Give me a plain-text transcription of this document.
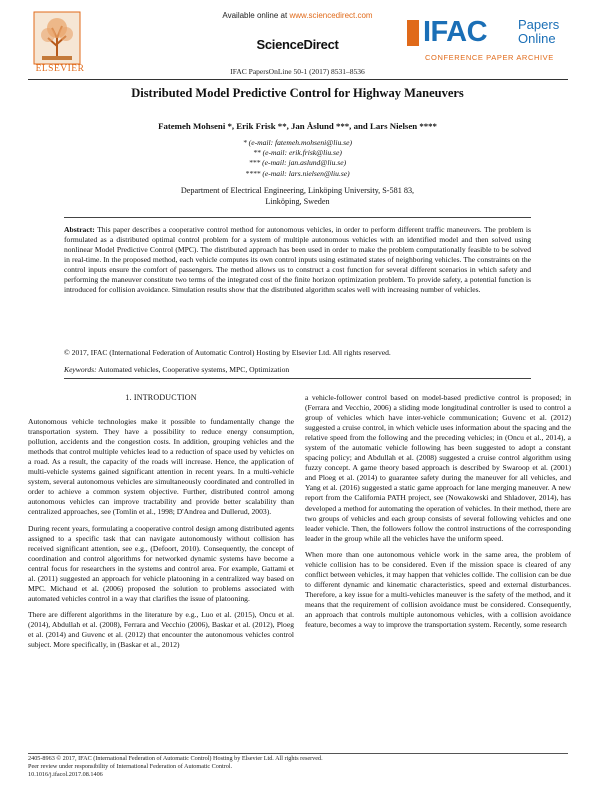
ELSEVIER
Available online at www.sciencedirect.com
ScienceDirect	IFAC Papers
Online
CONFERENCE PAPER ARCHIVE
IFAC PapersOnLine 50-1 (2017) 8531–8536
Distributed Model Predictive Control for Highway Maneuvers
Fatemeh Mohseni *, Erik Frisk **, Jan Åslund ***, and Lars Nielsen ****
* (e-mail: fatemeh.mohseni@liu.se)
** (e-mail: erik.frisk@liu.se)
*** (e-mail: jan.aslund@liu.se)
**** (e-mail: lars.nielsen@liu.se)
Department of Electrical Engineering, Linköping University, S-581 83,
Linköping, Sweden
Abstract: This paper describes a cooperative control method for autonomous vehicles, in order to perform different traffic maneuvers. The problem is formulated as a distributed optimal control problem for a system of multiple autonomous vehicles with an identified model and then solved using nonlinear Model Predictive Control (MPC). The distributed approach has been used in order to make the problem computationally feasible to be solved in real-time. In the proposed method, each vehicle computes its own control inputs using estimated states of neighboring vehicles. The constraints on the control inputs ensure the comfort of passengers. The method allows us to construct a cost function for several different scenarios in which safety and performing the maneuver constitute two terms of the integrated cost of the finite horizon optimization problem. To provide safety, a potential function is introduced for collision avoidance. Simulation results show that the distributed algorithm scales well with increasing number of vehicles.
© 2017, IFAC (International Federation of Automatic Control) Hosting by Elsevier Ltd. All rights reserved.
Keywords: Automated vehicles, Cooperative systems, MPC, Optimization
1. INTRODUCTION

Autonomous vehicle technologies make it possible to fundamentally change the transportation system. They have a possibility to reduce energy consumption, pollution, accidents and the congestion costs. In addition, grouping vehicles and the methods that control multiple vehicles lead to a reduction of space used by vehicles on a road. As a result, the capacity of the roads will increase. Hence, the application of multi-vehicle systems gained significant attention in recent years. In a multi-vehicle system, several autonomous vehicles are simultaneously coordinated and controlled in order to achieve a common system objective. Further, distributed control among autonomous vehicles can improve tractability and provide better scalability than centralized approaches, see (Tomlin et al., 1998; D'Andrea and Dullerud, 2003).

During recent years, formulating a cooperative control design among distributed agents assigned to a specific task that can navigate autonomously without collision has received significant attention, see e.g., (Defoort, 2010). Consequently, the concept of coordination and control algorithms for networked dynamic systems have become a central focus for researchers in the systems and control area. For example, Gattami et al. (2011) suggested an approach for vehicle platooning in a centralized way based on MPC. Michaud et al. (2006) proposed the solution to problems associated with automated vehicles control in a way that clarifies the issue of platooning.

There are different algorithms in the literature by e.g., Luo et al. (2015), Oncu et al. (2014), Abdullah et al. (2008), Ferrara and Vecchio (2006), Baskar et al. (2012), Ploeg et al. (2014) and Guvenc et al. (2012) that encounter the autonomous vehicles control subject. More specifically, in (Baskar et al., 2012)

a vehicle-follower control based on model-based predictive control is proposed; in (Ferrara and Vecchio, 2006) a sliding mode longitudinal controller is used to control a group of vehicles which have inter-vehicle communication; Guvenc et al. (2012) suggested a cruise control, in which vehicle uses information about the spacing and the relative speed from the following and the preceding vehicles; in (Oncu et al., 2014), a system of the automatic vehicle following has been suggested to adopt a constant spacing policy; and Abdullah et al. (2008) suggested a cruise control algorithm using fuzzy concept. A game theory based approach is described by Swaroop et al. (2001) and Ploeg et al. (2014) to guarantee safety during the maneuver for all vehicles, and Yang et al. (2016) suggested a static game approach for lane merging maneuver. A new report from the California PATH project, see (Nowakowski and Shladover, 2014), has developed a method for automating the operation of vehicles. In their method, there are two groups of vehicles and each group consists of several following vehicles and one leader vehicle. Then, the followers follow the control instructions of the corresponding leader in the group while all the vehicles have the uniform speed.

When more than one autonomous vehicle work in the same area, the problem of vehicle collision has to be considered. Even if the mission space is cleared of any conflict between vehicles, it may happen that vehicles collide. The collision can be due to different dynamic and kinematic characteristics, speed and external disturbances. Therefore, a key issue for a multi-vehicles maneuver is the safety of the method, and it means that the requirement of collision avoidance must be considered. Consequently, an approach that controls multiple autonomous vehicles, with a collision avoidance feature, becomes a way to improve the transportation system. Recently, some research

2405-8963 © 2017, IFAC (International Federation of Automatic Control) Hosting by Elsevier Ltd. All rights reserved.
Peer review under responsibility of International Federation of Automatic Control.
10.1016/j.ifacol.2017.08.1406
